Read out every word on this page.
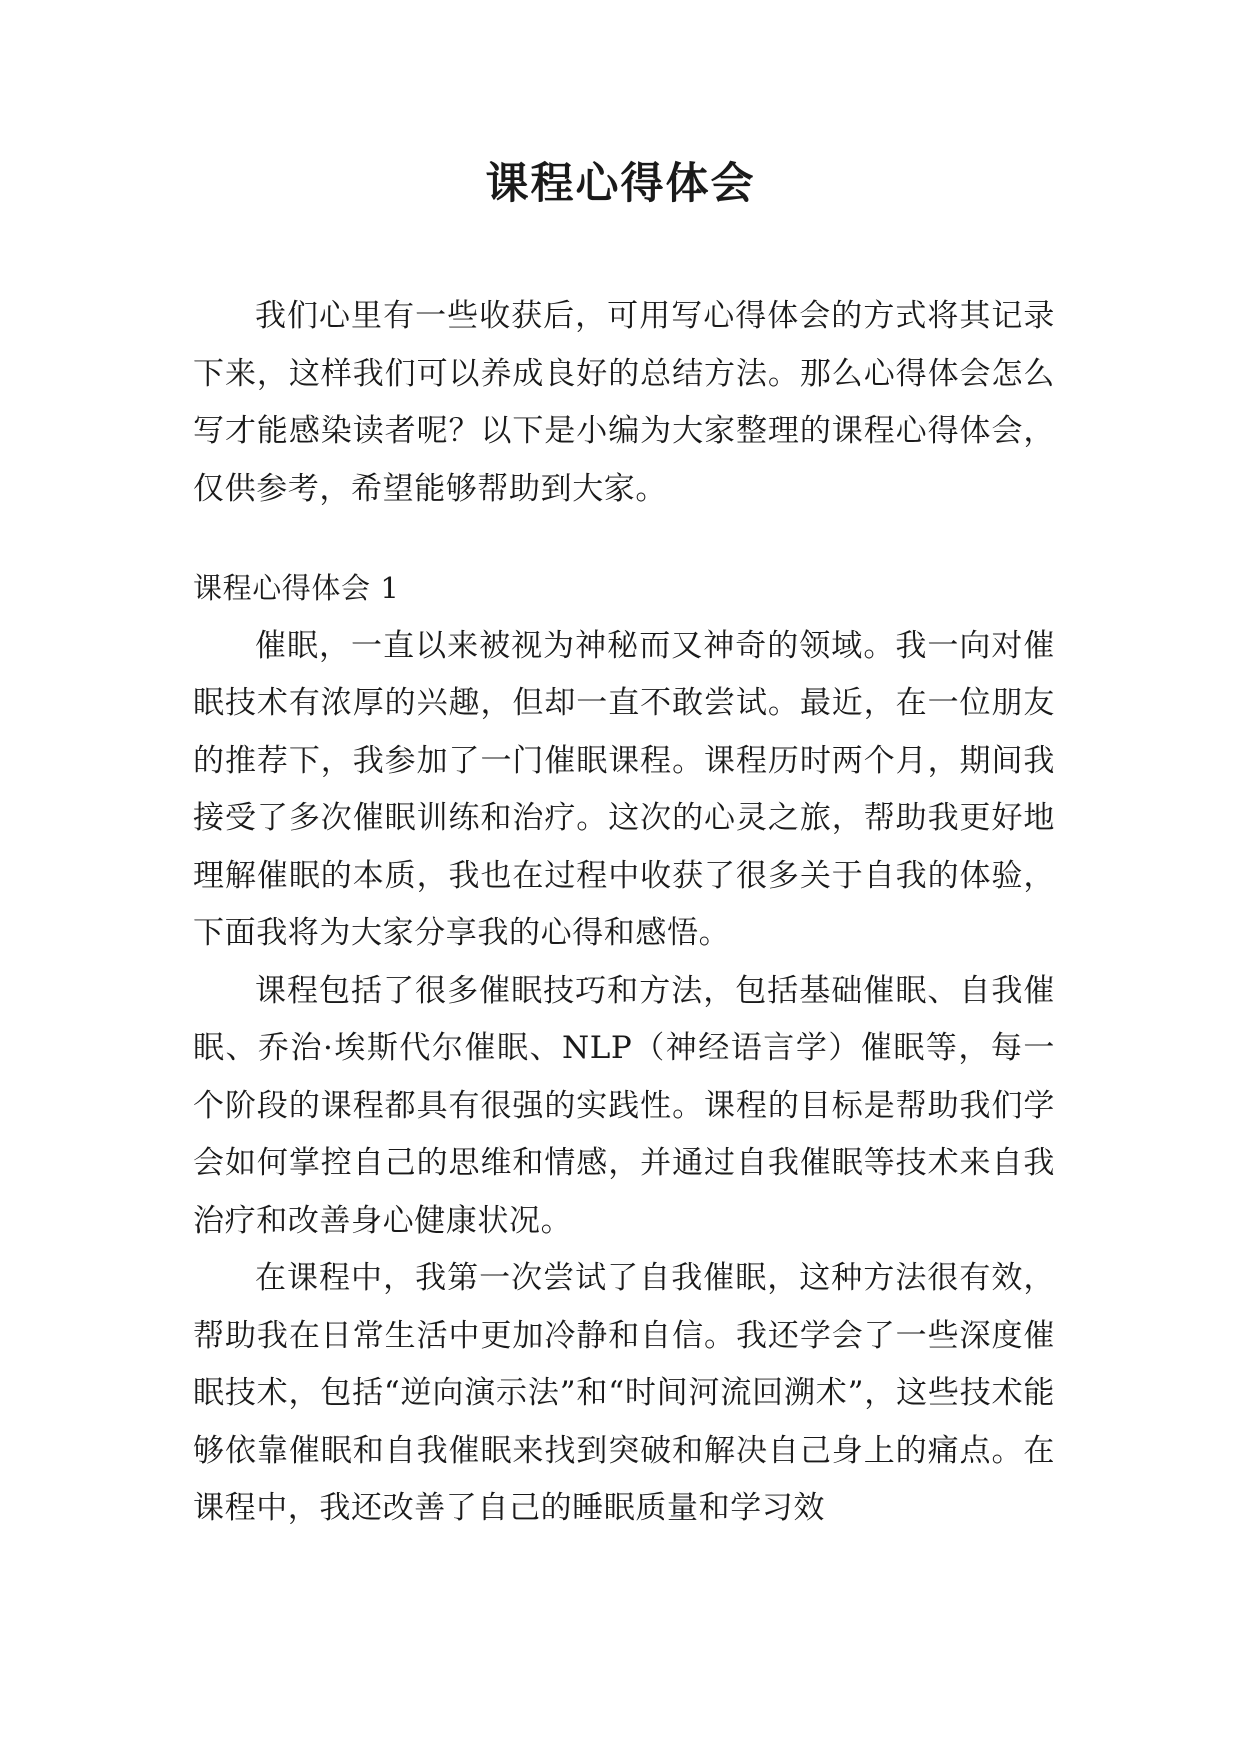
课程心得体会

我们心里有一些收获后，可用写心得体会的方式将其记录下来，这样我们可以养成良好的总结方法。那么心得体会怎么写才能感染读者呢？以下是小编为大家整理的课程心得体会，仅供参考，希望能够帮助到大家。

课程心得体会 1

催眠，一直以来被视为神秘而又神奇的领域。我一向对催眠技术有浓厚的兴趣，但却一直不敢尝试。最近，在一位朋友的推荐下，我参加了一门催眠课程。课程历时两个月，期间我接受了多次催眠训练和治疗。这次的心灵之旅，帮助我更好地理解催眠的本质，我也在过程中收获了很多关于自我的体验，下面我将为大家分享我的心得和感悟。

课程包括了很多催眠技巧和方法，包括基础催眠、自我催眠、乔治·埃斯代尔催眠、NLP（神经语言学）催眠等，每一个阶段的课程都具有很强的实践性。课程的目标是帮助我们学会如何掌控自己的思维和情感，并通过自我催眠等技术来自我治疗和改善身心健康状况。

在课程中，我第一次尝试了自我催眠，这种方法很有效，帮助我在日常生活中更加冷静和自信。我还学会了一些深度催眠技术，包括“逆向演示法”和“时间河流回溯术”，这些技术能够依靠催眠和自我催眠来找到突破和解决自己身上的痛点。在课程中，我还改善了自己的睡眠质量和学习效
